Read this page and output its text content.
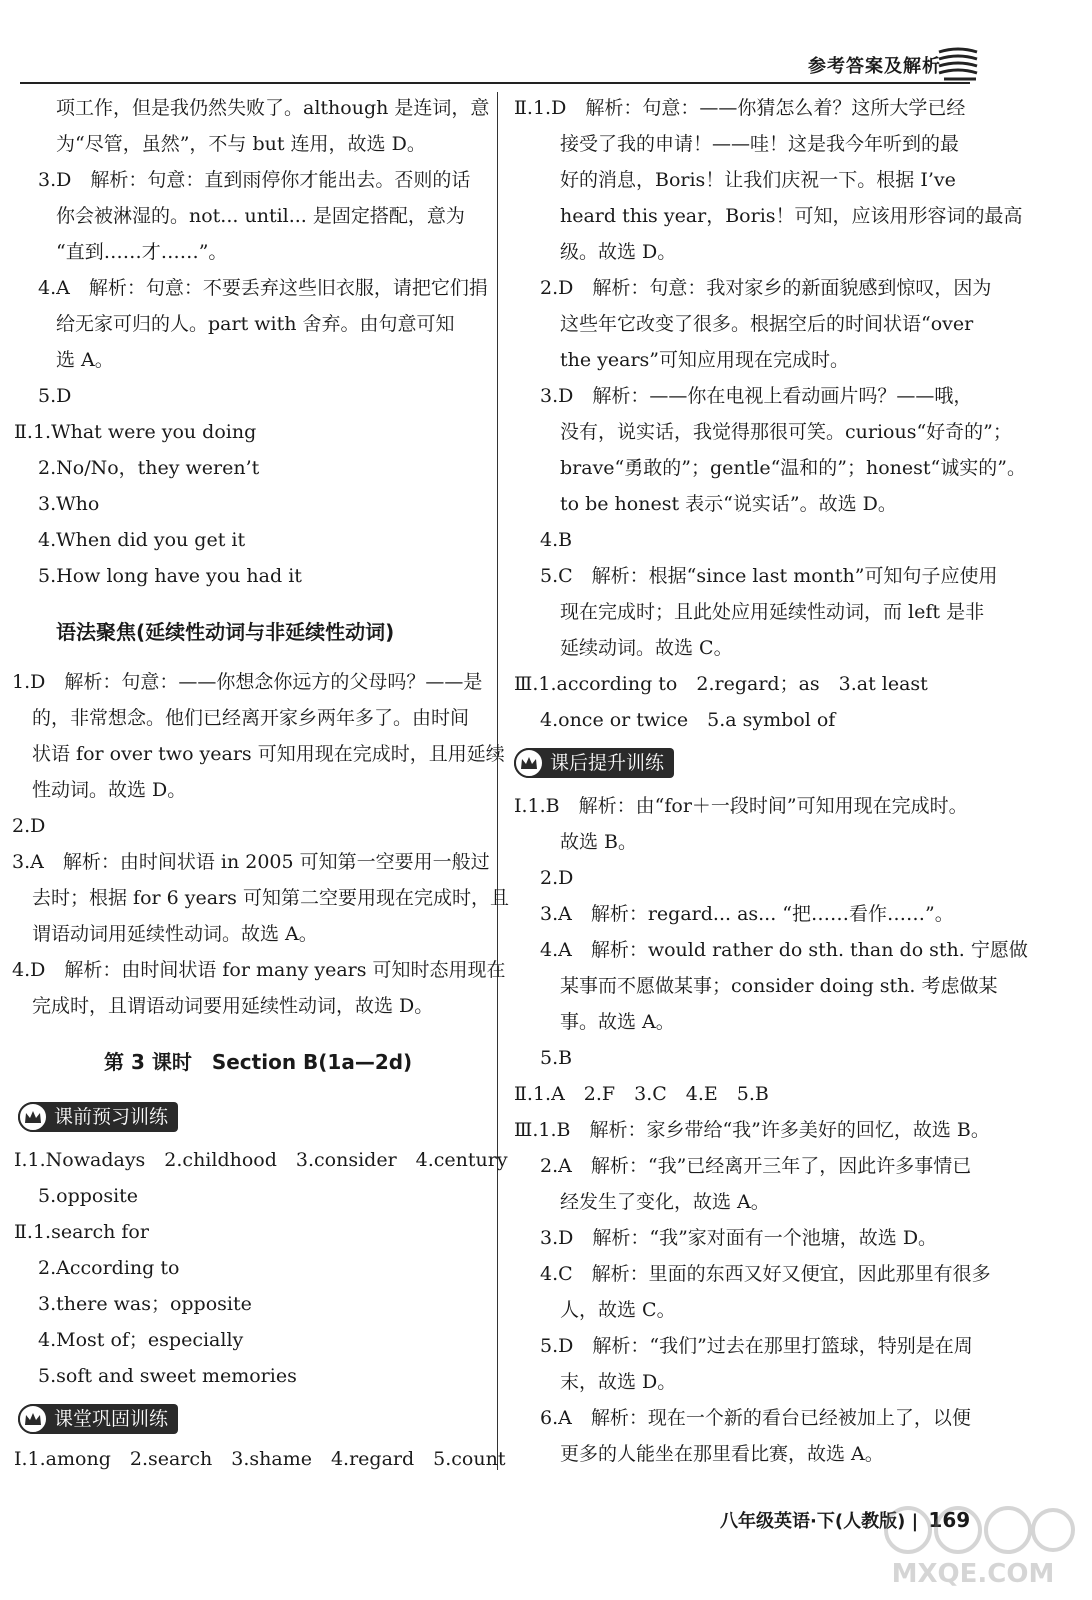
参考答案及解析
项工作，但是我仍然失败了。although 是连词，意
为“尽管，虽然”，不与 but 连用，故选 D。
3.D　解析：句意：直到雨停你才能出去。否则的话
你会被淋湿的。not... until... 是固定搭配，意为
“直到……才……”。
4.A　解析：句意：不要丢弃这些旧衣服，请把它们捐
给无家可归的人。part with 舍弃。由句意可知
选 A。
5.D
Ⅱ.1.What were you doing
2.No/No，they weren’t
3.Who
4.When did you get it
5.How long have you had it
语法聚焦(延续性动词与非延续性动词)
1.D　解析：句意：——你想念你远方的父母吗？——是
的，非常想念。他们已经离开家乡两年多了。由时间
状语 for over two years 可知用现在完成时，且用延续
性动词。故选 D。
2.D
3.A　解析：由时间状语 in 2005 可知第一空要用一般过
去时；根据 for 6 years 可知第二空要用现在完成时，且
谓语动词用延续性动词。故选 A。
4.D　解析：由时间状语 for many years 可知时态用现在
完成时，且谓语动词要用延续性动词，故选 D。
第 3 课时　Section B(1a—2d)
课前预习训练
Ⅰ.1.Nowadays　2.childhood　3.consider　4.century
5.opposite
Ⅱ.1.search for
2.According to
3.there was；opposite
4.Most of；especially
5.soft and sweet memories
课堂巩固训练
Ⅰ.1.among　2.search　3.shame　4.regard　5.count
Ⅱ.1.D　解析：句意：——你猜怎么着？这所大学已经
接受了我的申请！——哇！这是我今年听到的最
好的消息，Boris！让我们庆祝一下。根据 I’ve
heard this year，Boris！可知，应该用形容词的最高
级。故选 D。
2.D　解析：句意：我对家乡的新面貌感到惊叹，因为
这些年它改变了很多。根据空后的时间状语“over
the years”可知应用现在完成时。
3.D　解析：——你在电视上看动画片吗？——哦，
没有，说实话，我觉得那很可笑。curious“好奇的”；
brave“勇敢的”；gentle“温和的”；honest“诚实的”。
to be honest 表示“说实话”。故选 D。
4.B
5.C　解析：根据“since last month”可知句子应使用
现在完成时；且此处应用延续性动词，而 left 是非
延续动词。故选 C。
Ⅲ.1.according to　2.regard；as　3.at least
4.once or twice　5.a symbol of
课后提升训练
Ⅰ.1.B　解析：由“for＋一段时间”可知用现在完成时。
故选 B。
2.D
3.A　解析：regard... as... “把……看作……”。
4.A　解析：would rather do sth. than do sth. 宁愿做
某事而不愿做某事；consider doing sth. 考虑做某
事。故选 A。
5.B
Ⅱ.1.A　2.F　3.C　4.E　5.B
Ⅲ.1.B　解析：家乡带给“我”许多美好的回忆，故选 B。
2.A　解析：“我”已经离开三年了，因此许多事情已
经发生了变化，故选 A。
3.D　解析：“我”家对面有一个池塘，故选 D。
4.C　解析：里面的东西又好又便宜，因此那里有很多
人，故选 C。
5.D　解析：“我们”过去在那里打篮球，特别是在周
末，故选 D。
6.A　解析：现在一个新的看台已经被加上了，以便
更多的人能坐在那里看比赛，故选 A。
八年级英语·下(人教版) | 169
MXQE.COM
